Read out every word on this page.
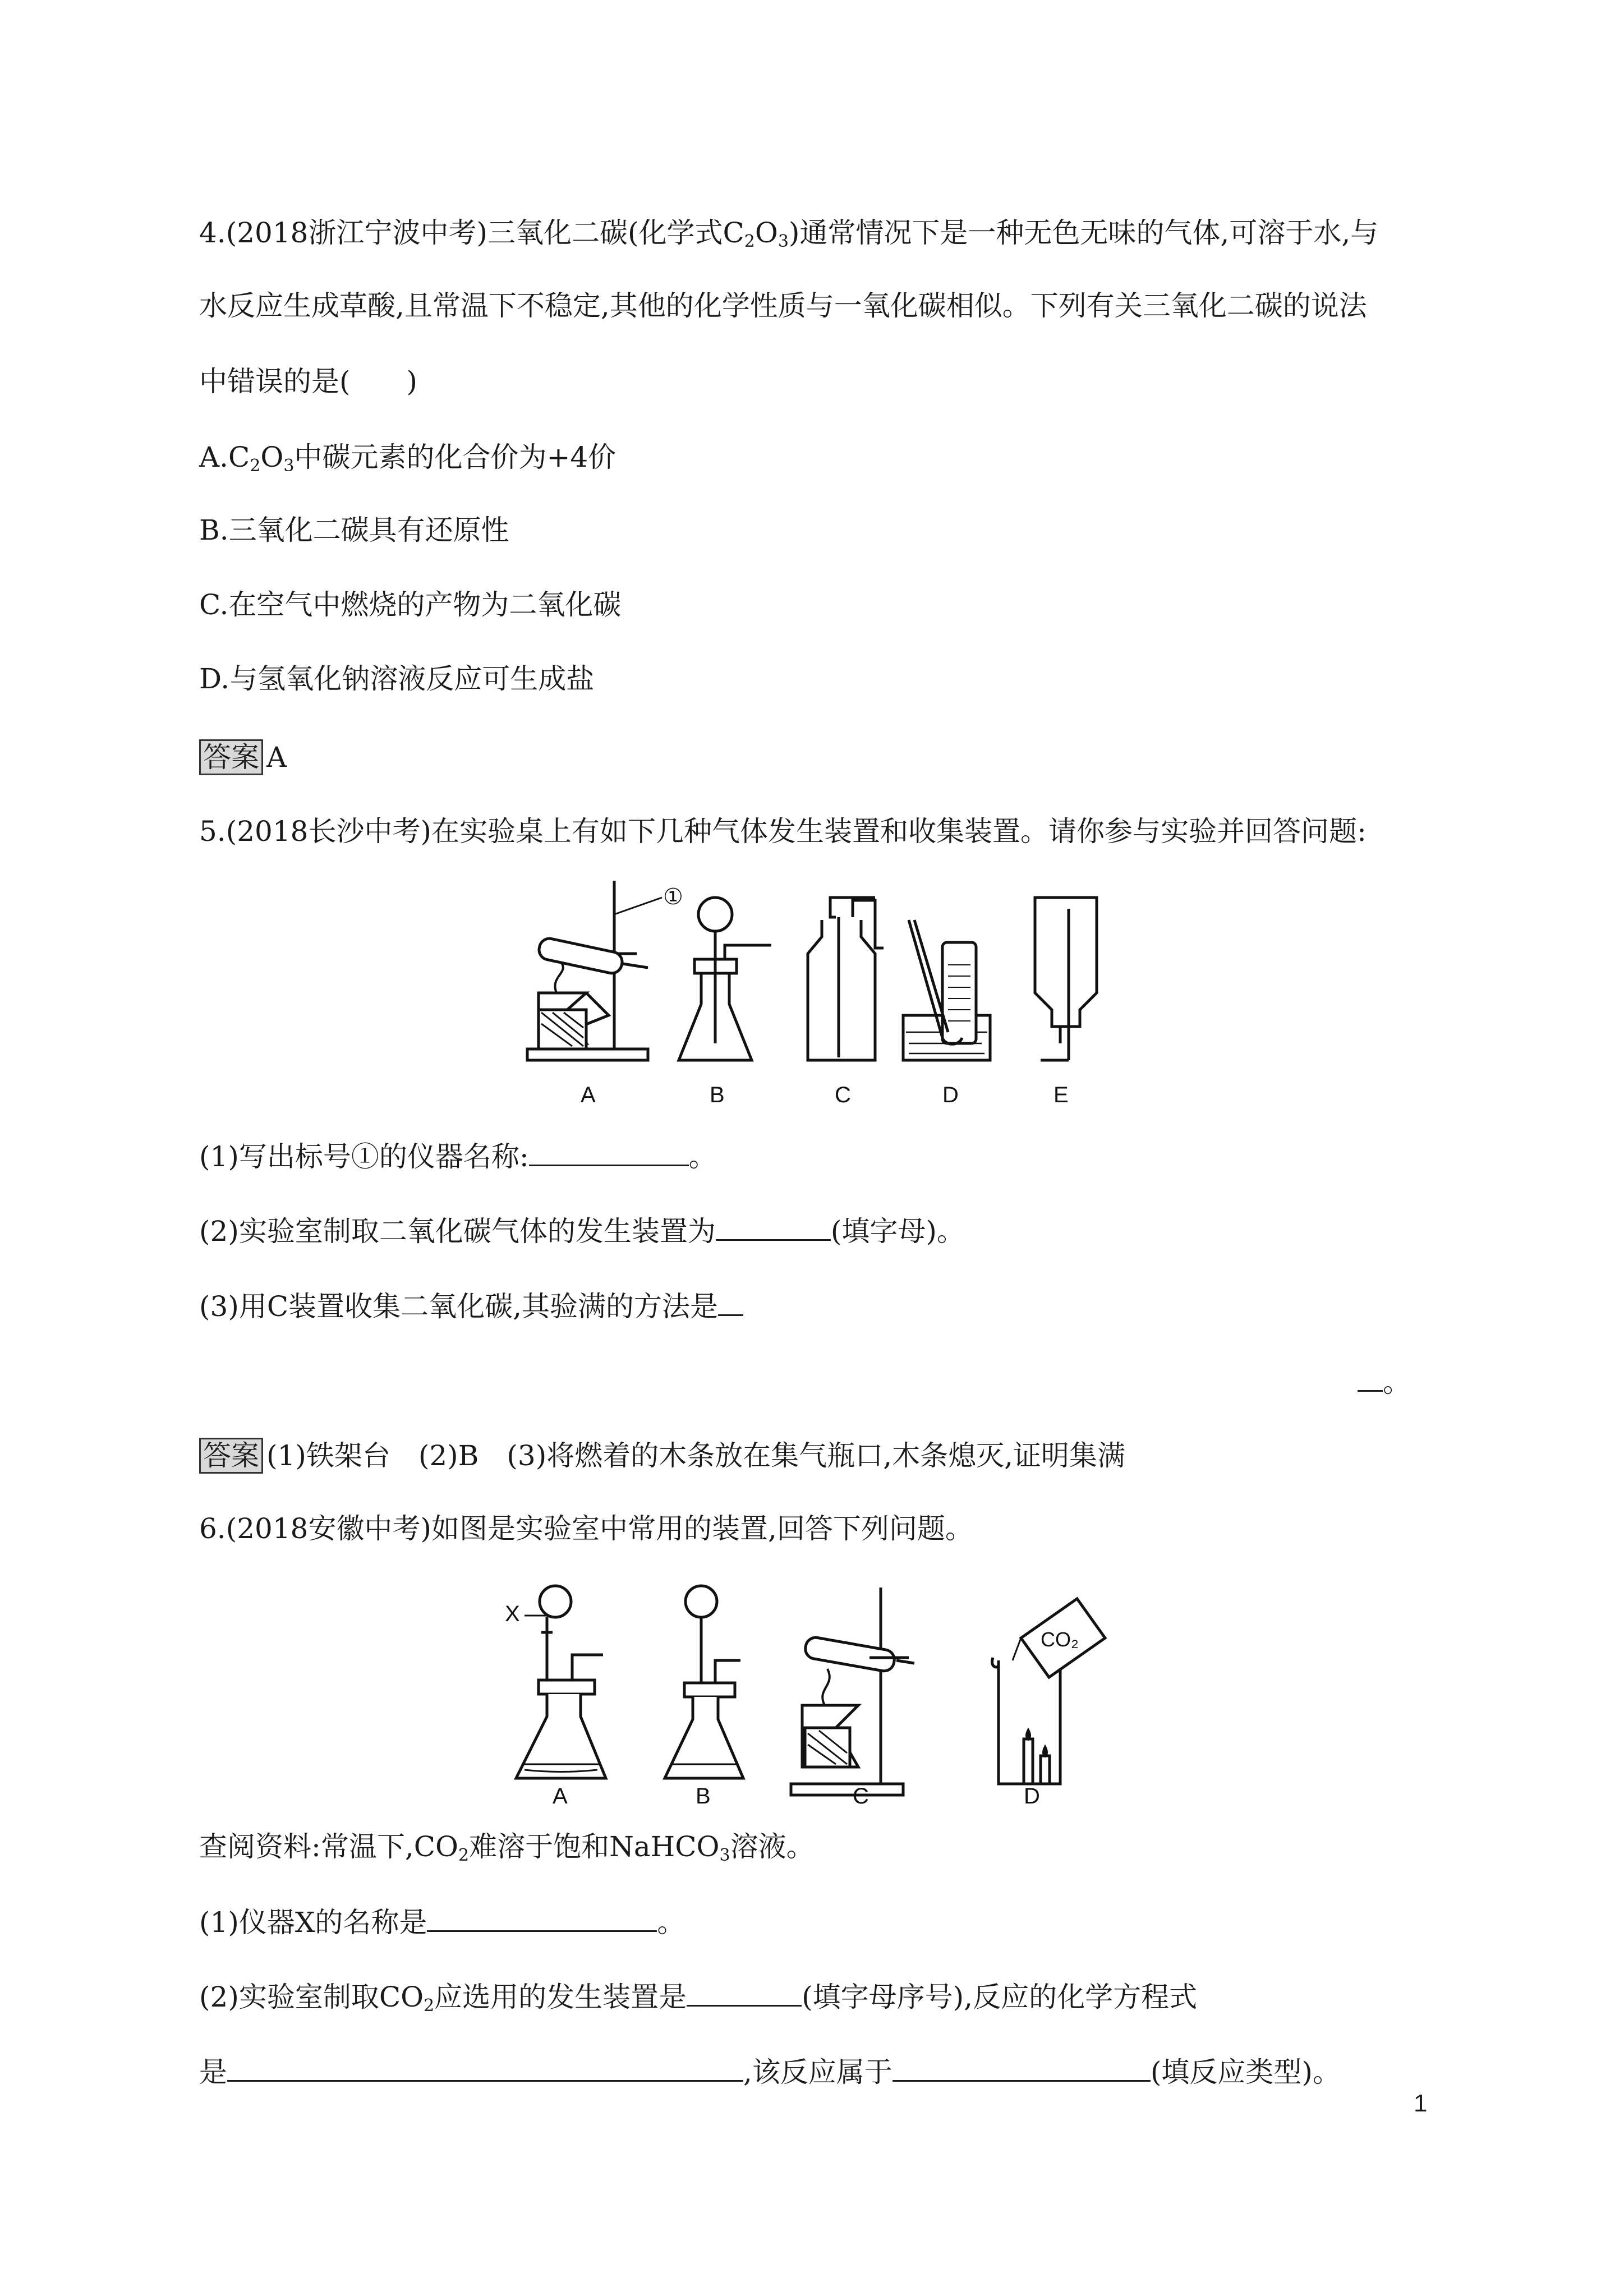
4.(2018浙江宁波中考)三氧化二碳(化学式$C_2O_3$)通常情况下是一种无色无味的气体,可溶于水,与
水反应生成草酸,且常温下不稳定,其他的化学性质与一氧化碳相似。下列有关三氧化二碳的说法
中错误的是(　　)
$A.C_2O_3$中碳元素的化合价为+4价
B.三氧化二碳具有还原性
C.在空气中燃烧的产物为二氧化碳
D.与氢氧化钠溶液反应可生成盐
答案 A
5.(2018长沙中考)在实验桌上有如下几种气体发生装置和收集装置。请你参与实验并回答问题:
①
A	B	C	D	E
(1)写出标号①的仪器名称:	。
(2)实验室制取二氧化碳气体的发生装置为	(填字母)。
(3)用C装置收集二氧化碳,其验满的方法是
。
答案 (1)铁架台　(2)B　(3)将燃着的木条放在集气瓶口,木条熄灭,证明集满
6.(2018安徽中考)如图是实验室中常用的装置,回答下列问题。
X
CO₂
A	B	C	D
查阅资料:常温下$,CO_2$难溶于饱和NaHCO$_3$溶液。
(1)仪器X的名称是	。
(2)实验室制取$CO_2$应选用的发生装置是	(填字母序号),反应的化学方程式
是	,该反应属于	(填反应类型)。
1
